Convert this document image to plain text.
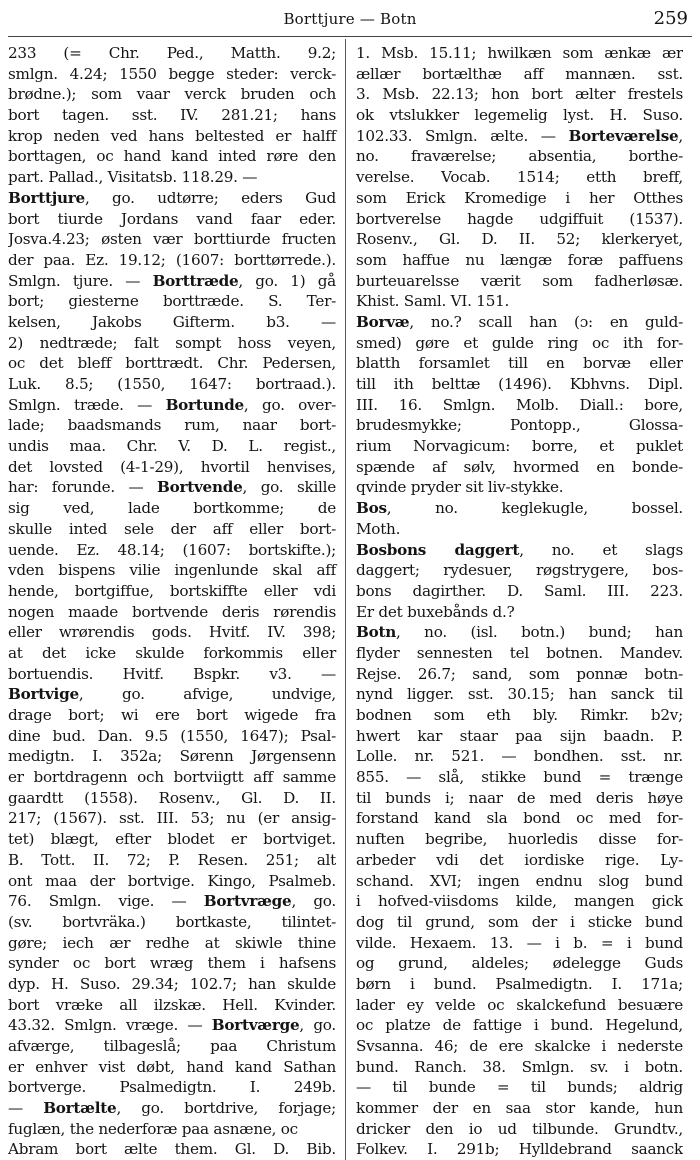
Borttjure — Botn	259
233 (= Chr. Ped., Matth. 9.2;
smlgn. 4.24; 1550 begge steder: verck-
brødne.); som vaar verck bruden och
bort tagen. sst. IV. 281.21; hans
krop neden ved hans beltested er halff
borttagen, oc hand kand inted røre den
part. Pallad., Visitatsb. 118.29. —
Borttjure, go. udtørre; eders Gud
bort tiurde Jordans vand faar eder.
Josva.4.23; østen vær borttiurde fructen
der paa. Ez. 19.12; (1607: borttørrede.).
Smlgn. tjure. — Borttræde, go. 1) gå
bort; giesterne borttræde. S. Ter-
kelsen, Jakobs Gifterm. b3. —
2) nedtræde; falt sompt hoss veyen,
oc det bleff borttrædt. Chr. Pedersen,
Luk. 8.5; (1550, 1647: bortraad.).
Smlgn. træde. — Bortunde, go. over-
lade; baadsmands rum, naar bort-
undis maa. Chr. V. D. L. regist.,
det lovsted (4-1-29), hvortil henvises,
har: forunde. — Bortvende, go. skille
sig ved, lade bortkomme; de
skulle inted sele der aff eller bort-
uende. Ez. 48.14; (1607: bortskifte.);
vden bispens vilie ingenlunde skal aff
hende, bortgiffue, bortskiffte eller vdi
nogen maade bortvende deris rørendis
eller wrørendis gods. Hvitf. IV. 398;
at det icke skulde forkommis eller
bortuendis. Hvitf. Bspkr. v3. —
Bortvige, go. afvige, undvige,
drage bort; wi ere bort wigede fra
dine bud. Dan. 9.5 (1550, 1647); Psal-
medigtn. I. 352a; Sørenn Jørgensenn
er bortdragenn och bortviigtt aff samme
gaardtt (1558). Rosenv., Gl. D. II.
217; (1567). sst. III. 53; nu (er ansig-
tet) blægt, efter blodet er bortviget.
B. Tott. II. 72; P. Resen. 251; alt
ont maa der bortvige. Kingo, Psalmeb.
76. Smlgn. vige. — Bortvræge, go.
(sv. bortvräka.) bortkaste, tilintet-
gøre; iech ær redhe at skiwle thine
synder oc bort wræg them i hafsens
dyp. H. Suso. 29.34; 102.7; han skulde
bort vræke all ilzskæ. Hell. Kvinder.
43.32. Smlgn. vræge. — Bortværge, go.
afværge, tilbageslå; paa Christum
er enhver vist døbt, hand kand Sathan
bortverge. Psalmedigtn. I. 249b.
— Bortælte, go. bortdrive, forjage;
fuglæn, the nederforæ paa asnæne, oc
Abram bort ælte them. Gl. D. Bib.
1. Msb. 15.11; hwilkæn som ænkæ ær
ællær bortælthæ aff mannæn. sst.
3. Msb. 22.13; hon bort ælter frestels
ok vtslukker legemelig lyst. H. Suso.
102.33. Smlgn. ælte. — Borteværelse,
no. fraværelse; absentia, borthe-
verelse. Vocab. 1514; etth breff,
som Erick Kromedige i her Otthes
bortverelse hagde udgiffuit (1537).
Rosenv., Gl. D. II. 52; klerkeryet,
som haffue nu længæ foræ paffuens
burteuarelsse værit som fadherløsæ.
Khist. Saml. VI. 151.
Borvæ, no.? scall han (ɔ: en guld-
smed) gøre et gulde ring oc ith for-
blatth forsamlet till en borvæ eller
till ith belttæ (1496). Kbhvns. Dipl.
III. 16. Smlgn. Molb. Diall.: bore,
brudesmykke; Pontopp., Glossa-
rium Norvagicum: borre, et puklet
spænde af sølv, hvormed en bonde-
qvinde pryder sit liv-stykke.
Bos, no. keglekugle, bossel.
Moth.
Bosbons daggert, no. et slags
daggert; rydesuer, røgstrygere, bos-
bons dagirther. D. Saml. III. 223.
Er det buxebånds d.?
Botn, no. (isl. botn.) bund; han
flyder sennesten tel botnen. Mandev.
Rejse. 26.7; sand, som ponnæ botn-
nynd ligger. sst. 30.15; han sanck til
bodnen som eth bly. Rimkr. b2v;
hwert kar staar paa sijn baadn. P.
Lolle. nr. 521. — bondhen. sst. nr.
855. — slå, stikke bund = trænge
til bunds i; naar de med deris høye
forstand kand sla bond oc med for-
nuften begribe, huorledis disse for-
arbeder vdi det iordiske rige. Ly-
schand. XVI; ingen endnu slog bund
i hofved-viisdoms kilde, mangen gick
dog til grund, som der i sticke bund
vilde. Hexaem. 13. — i b. = i bund
og grund, aldeles; ødelegge Guds
børn i bund. Psalmedigtn. I. 171a;
lader ey velde oc skalckefund besuære
oc platze de fattige i bund. Hegelund,
Svsanna. 46; de ere skalcke i nederste
bund. Ranch. 38. Smlgn. sv. i botn.
— til bunde = til bunds; aldrig
kommer der en saa stor kande, hun
dricker den io ud tilbunde. Grundtv.,
Folkev. I. 291b; Hylldebrand saanck
